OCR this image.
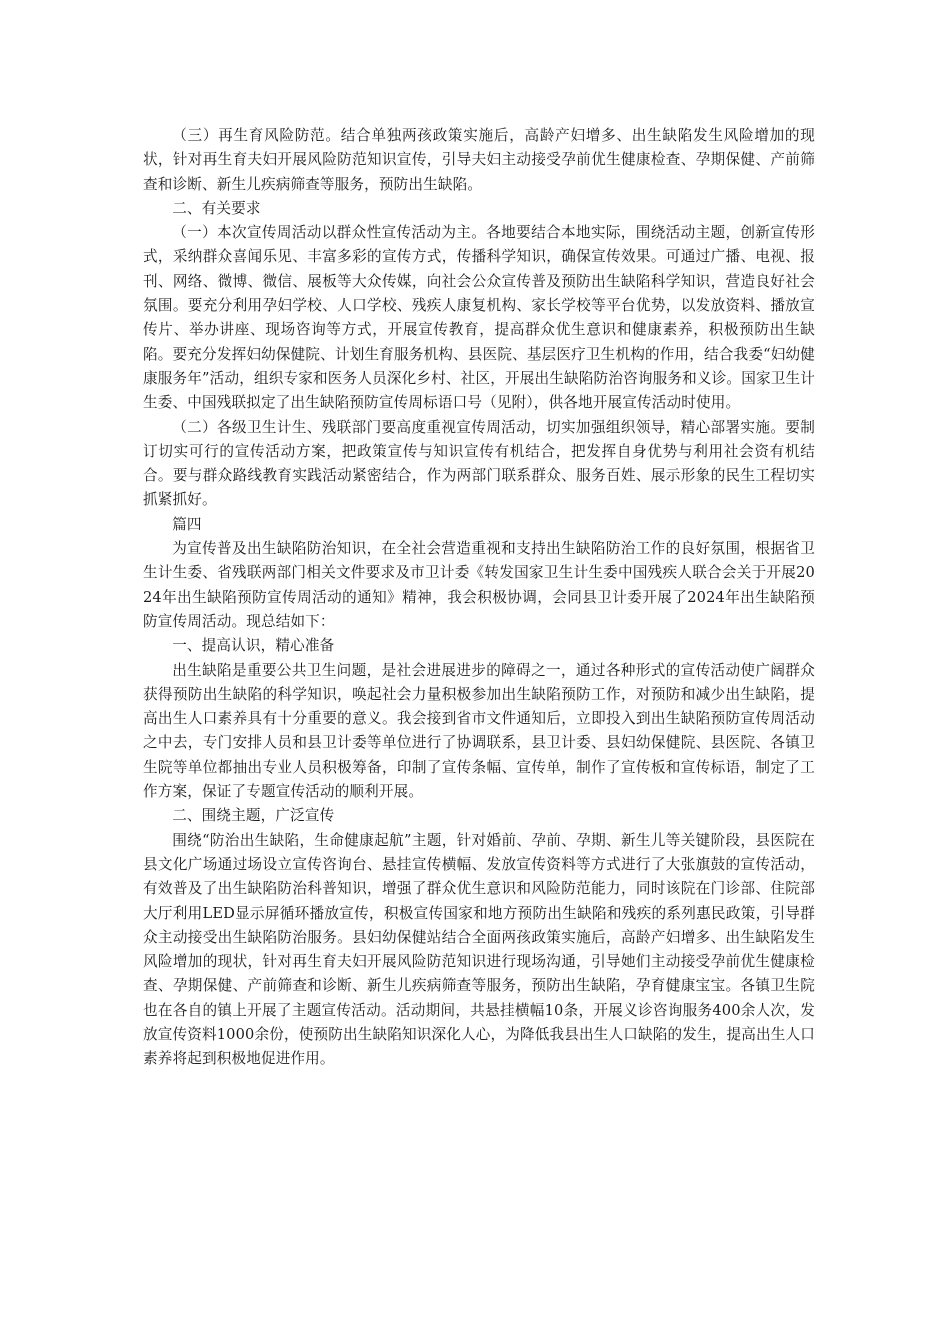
（三）再生育风险防范。结合单独两孩政策实施后，高龄产妇增多、出生缺陷发生风险增加的现状，针对再生育夫妇开展风险防范知识宣传，引导夫妇主动接受孕前优生健康检查、孕期保健、产前筛查和诊断、新生儿疾病筛查等服务，预防出生缺陷。

二、有关要求

（一）本次宣传周活动以群众性宣传活动为主。各地要结合本地实际，围绕活动主题，创新宣传形式，采纳群众喜闻乐见、丰富多彩的宣传方式，传播科学知识，确保宣传效果。可通过广播、电视、报刊、网络、微博、微信、展板等大众传媒，向社会公众宣传普及预防出生缺陷科学知识，营造良好社会氛围。要充分利用孕妇学校、人口学校、残疾人康复机构、家长学校等平台优势，以发放资料、播放宣传片、举办讲座、现场咨询等方式，开展宣传教育，提高群众优生意识和健康素养，积极预防出生缺陷。要充分发挥妇幼保健院、计划生育服务机构、县医院、基层医疗卫生机构的作用，结合我委“妇幼健康服务年”活动，组织专家和医务人员深化乡村、社区，开展出生缺陷防治咨询服务和义诊。国家卫生计生委、中国残联拟定了出生缺陷预防宣传周标语口号（见附），供各地开展宣传活动时使用。

（二）各级卫生计生、残联部门要高度重视宣传周活动，切实加强组织领导，精心部署实施。要制订切实可行的宣传活动方案，把政策宣传与知识宣传有机结合，把发挥自身优势与利用社会资有机结合。要与群众路线教育实践活动紧密结合，作为两部门联系群众、服务百姓、展示形象的民生工程切实抓紧抓好。

篇四

为宣传普及出生缺陷防治知识，在全社会营造重视和支持出生缺陷防治工作的良好氛围，根据省卫生计生委、省残联两部门相关文件要求及市卫计委《转发国家卫生计生委中国残疾人联合会关于开展2024年出生缺陷预防宣传周活动的通知》精神，我会积极协调，会同县卫计委开展了2024年出生缺陷预防宣传周活动。现总结如下：

一、提高认识，精心准备

出生缺陷是重要公共卫生问题，是社会进展进步的障碍之一，通过各种形式的宣传活动使广阔群众获得预防出生缺陷的科学知识，唤起社会力量积极参加出生缺陷预防工作，对预防和减少出生缺陷，提高出生人口素养具有十分重要的意义。我会接到省市文件通知后，立即投入到出生缺陷预防宣传周活动之中去，专门安排人员和县卫计委等单位进行了协调联系，县卫计委、县妇幼保健院、县医院、各镇卫生院等单位都抽出专业人员积极筹备，印制了宣传条幅、宣传单，制作了宣传板和宣传标语，制定了工作方案，保证了专题宣传活动的顺利开展。

二、围绕主题，广泛宣传

围绕“防治出生缺陷，生命健康起航”主题，针对婚前、孕前、孕期、新生儿等关键阶段，县医院在县文化广场通过场设立宣传咨询台、悬挂宣传横幅、发放宣传资料等方式进行了大张旗鼓的宣传活动，有效普及了出生缺陷防治科普知识，增强了群众优生意识和风险防范能力，同时该院在门诊部、住院部大厅利用LED显示屏循环播放宣传，积极宣传国家和地方预防出生缺陷和残疾的系列惠民政策，引导群众主动接受出生缺陷防治服务。县妇幼保健站结合全面两孩政策实施后，高龄产妇增多、出生缺陷发生风险增加的现状，针对再生育夫妇开展风险防范知识进行现场沟通，引导她们主动接受孕前优生健康检查、孕期保健、产前筛查和诊断、新生儿疾病筛查等服务，预防出生缺陷，孕育健康宝宝。各镇卫生院也在各自的镇上开展了主题宣传活动。活动期间，共悬挂横幅10条，开展义诊咨询服务400余人次，发放宣传资料1000余份，使预防出生缺陷知识深化人心，为降低我县出生人口缺陷的发生，提高出生人口素养将起到积极地促进作用。
